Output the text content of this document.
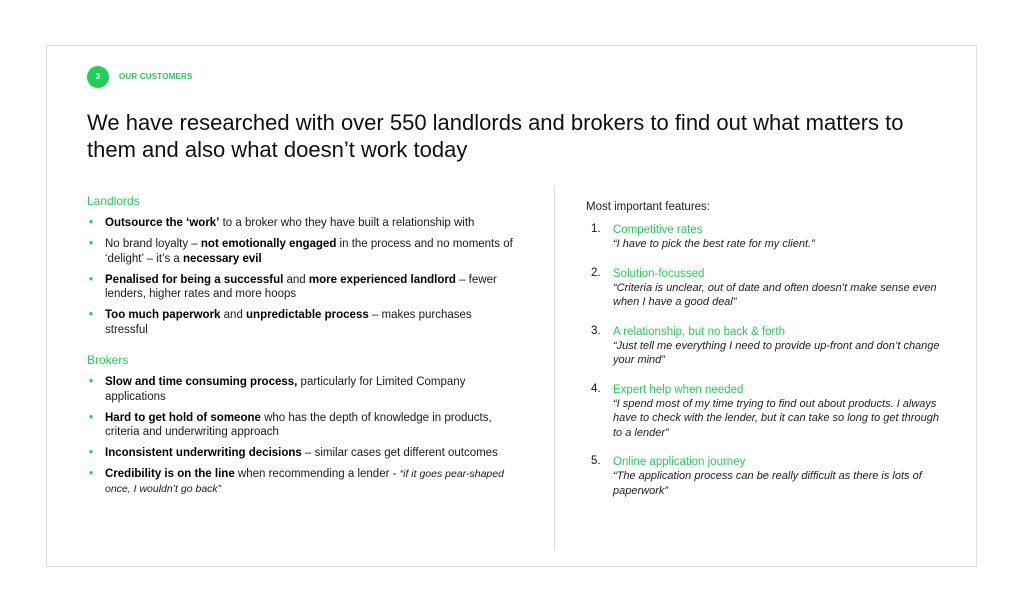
3	OUR CUSTOMERS
We have researched with over 550 landlords and brokers to find out what matters to them and also what doesn’t work today
Landlords
• Outsource the ‘work’ to a broker who they have built a relationship with
• No brand loyalty – not emotionally engaged in the process and no moments of ‘delight’ – it’s a necessary evil
• Penalised for being a successful and more experienced landlord – fewer lenders, higher rates and more hoops
• Too much paperwork and unpredictable process – makes purchases stressful
Brokers
• Slow and time consuming process, particularly for Limited Company applications
• Hard to get hold of someone who has the depth of knowledge in products, criteria and underwriting approach
• Inconsistent underwriting decisions – similar cases get different outcomes
• Credibility is on the line when recommending a lender - “if it goes pear-shaped once, I wouldn’t go back”
Most important features:
1. Competitive rates
“I have to pick the best rate for my client.”
2. Solution-focussed
“Criteria is unclear, out of date and often doesn’t make sense even when I have a good deal”
3. A relationship, but no back & forth
“Just tell me everything I need to provide up-front and don’t change your mind”
4. Expert help when needed
“I spend most of my time trying to find out about products. I always have to check with the lender, but it can take so long to get through to a lender”
5. Online application journey
“The application process can be really difficult as there is lots of paperwork”
